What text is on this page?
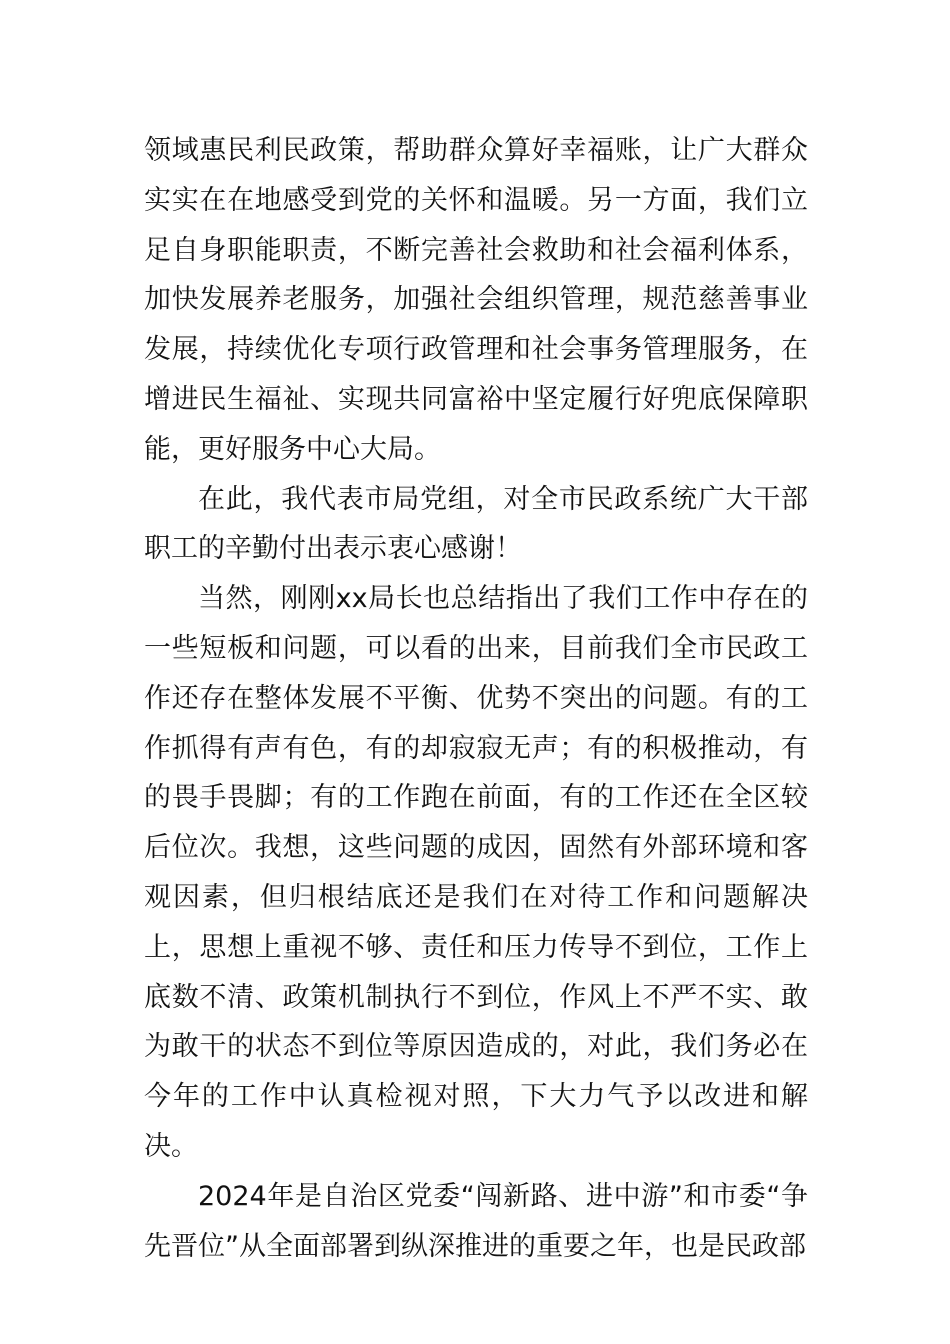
领域惠民利民政策，帮助群众算好幸福账，让广大群众实实在在地感受到党的关怀和温暖。另一方面，我们立足自身职能职责，不断完善社会救助和社会福利体系，加快发展养老服务，加强社会组织管理，规范慈善事业发展，持续优化专项行政管理和社会事务管理服务，在增进民生福祉、实现共同富裕中坚定履行好兜底保障职能，更好服务中心大局。

在此，我代表市局党组，对全市民政系统广大干部职工的辛勤付出表示衷心感谢！

当然，刚刚xx局长也总结指出了我们工作中存在的一些短板和问题，可以看的出来，目前我们全市民政工作还存在整体发展不平衡、优势不突出的问题。有的工作抓得有声有色，有的却寂寂无声；有的积极推动，有的畏手畏脚；有的工作跑在前面，有的工作还在全区较后位次。我想，这些问题的成因，固然有外部环境和客观因素，但归根结底还是我们在对待工作和问题解决上，思想上重视不够、责任和压力传导不到位，工作上底数不清、政策机制执行不到位，作风上不严不实、敢为敢干的状态不到位等原因造成的，对此，我们务必在今年的工作中认真检视对照，下大力气予以改进和解决。

2024年是自治区党委“闯新路、进中游”和市委“争先晋位”从全面部署到纵深推进的重要之年，也是民政部
